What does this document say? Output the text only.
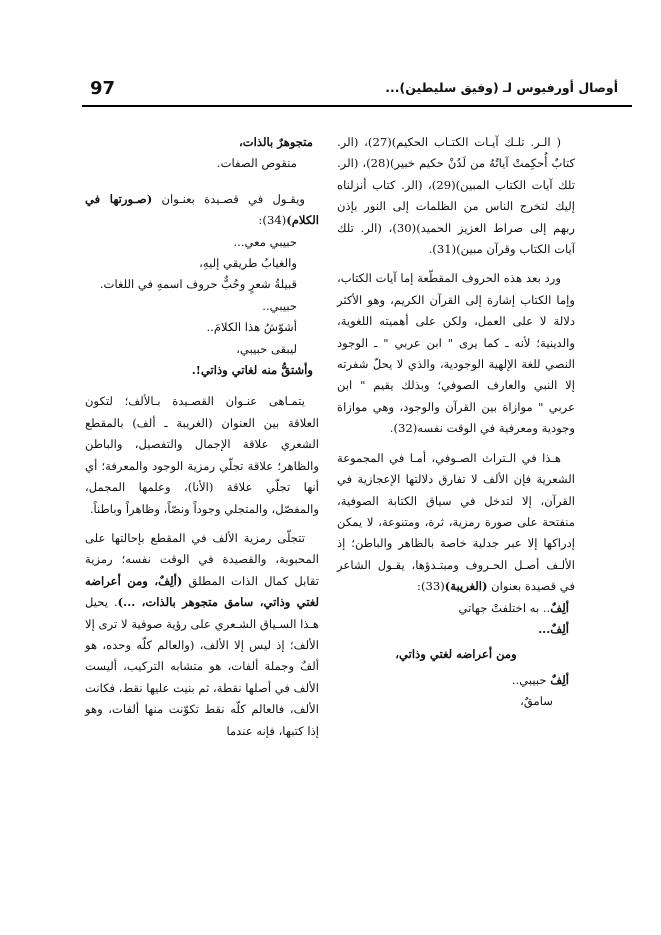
97	أوصال أورفيوس لـ (وفيق سليطين)...

( الـر. تلـك آيـات الكتـاب الحكيم)(27)، (الر. كتابٌ أُحكِمتْ آياتُهُ من لَدُنْ حكيم خبير)(28)، (الر. تلك آيات الكتاب المبين)(29)، (الر. كتاب أنزلناه إليك لتخرج الناس من الظلمات إلى النور بإذن ربهم إلى صراط العزيز الحميد)(30)، (الر. تلك آيات الكتاب وقرآن مبين)(31).

ورد بعد هذه الحروف المقطّعة إما آيات الكتاب، وإما الكتاب إشارة إلى القرآن الكريم، وهو الأكثر دلالة لا على العمل، ولكن على أهميته اللغوية، والدينية؛ لأنه ـ كما يرى " ابن عربي " ـ الوجود النصي للغة الإلهية الوجودية، والذي لا يحلّ شفرته إلا النبي والعارف الصوفي؛ وبذلك يقيم " ابن عربي " موازاة بين القرآن والوجود، وهي موازاة وجودية ومعرفية في الوقت نفسه(32).

هـذا في الـتراث الصـوفي، أمـا في المجموعة الشعرية فإن الألف لا تفارق دلالتها الإعجازية في القرآن، إلا لتدخل في سياق الكتابة الصوفية، منفتحة على صورة رمزية، ثرة، ومتنوعة، لا يمكن إدراكها إلا عبر جدلية خاصة بالظاهر والباطن؛ إذ الألـف أصـل الحـروف ومبتـدؤها، يقـول الشاعر في قصيدة بعنوان (الغريبة)(33):

ألِفٌ.. به اختلفتْ جهاتي

ألِفٌ...

ومن أعراضه لغتي وذاتي،

ألِفٌ حبيبي..

سامقٌ،

متجوهرٌ بالذات،

منقوص الصفات.

ويقـول في قصـيدة بعنـوان (صـورتها في الكلام)(34):

حبيبي معي...

والغيابُ طريقي إليهِ،

قبيلةُ شعرٍ وحُبٌّ حروف اسمهِ في اللغات.

حبيبي..

أشوّشُ هذا الكلامَ..

ليبقى حبيبي،

وأشتقُّ منه لغاتي وذاتي!.

يتمـاهى عنـوان القصـيدة بـالألف؛ لتكون العلاقة بين العنوان (الغريبة ـ ألف) بالمقطع الشعري علاقة الإجمال والتفصيل، والباطن والظاهر؛ علاقة تجلّي رمزية الوجود والمعرفة؛ أي أنها تجلّي علاقة (الأنا)، وعلمها المجمل، والمفصّل، والمتجلي وجوداً ونصّاً، وظاهراً وباطناً.

تتجلّى رمزية الألف في المقطع بإحالتها على المحبوبة، والقصيدة في الوقت نفسه؛ رمزية تقابل كمال الذات المطلق (ألِفٌ، ومن أعراضه لغتي وذاتي، سامق متجوهر بالذات، ...). يحيل هـذا السـياق الشـعري على رؤية صوفية لا ترى إلا الألف؛ إذ ليس إلا الألف، (والعالم كلّه وحده، هو ألفٌ وجملة ألفات، هو متشابه التركيب، أليست الألف في أصلها نقطة، ثم بنيت عليها نقط، فكانت الألف، فالعالم كلّه نقط تكوّنت منها ألفات، وهو إذا كتبها، فإنه عندما
